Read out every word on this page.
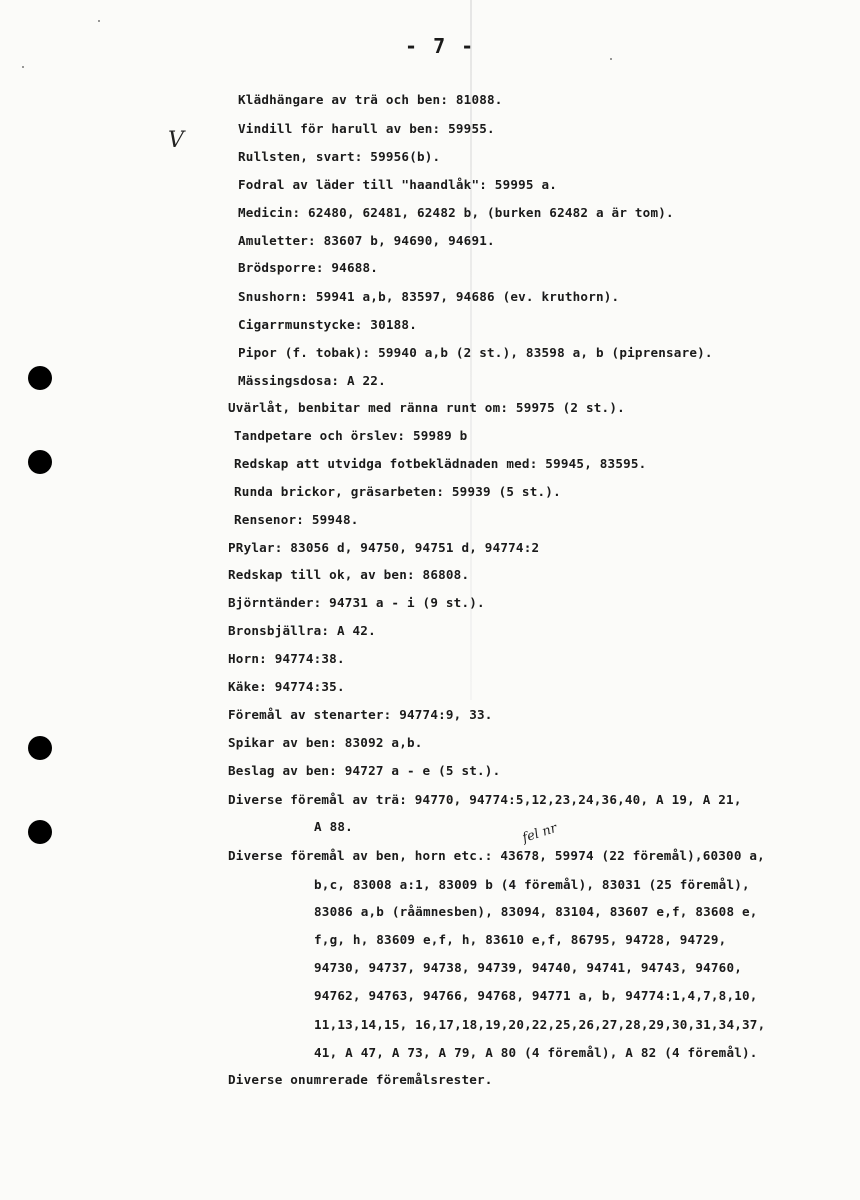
- 7 -
V
fel nr
Klädhängare av trä och ben: 81088.
Vindill för harull av ben: 59955.
Rullsten, svart: 59956(b).
Fodral av läder till "haandlåk": 59995 a.
Medicin: 62480, 62481, 62482 b, (burken 62482 a är tom).
Amuletter: 83607 b, 94690, 94691.
Brödsporre: 94688.
Snushorn: 59941 a,b, 83597, 94686 (ev. kruthorn).
Cigarrmunstycke: 30188.
Pipor (f. tobak): 59940 a,b (2 st.), 83598 a, b (piprensare).
Mässingsdosa: A 22.
Uvärlåt, benbitar med ränna runt om: 59975 (2 st.).
Tandpetare och örslev: 59989 b
Redskap att utvidga fotbeklädnaden med: 59945, 83595.
Runda brickor, gräsarbeten: 59939 (5 st.).
Rensenor: 59948.
PRylar: 83056 d, 94750, 94751 d, 94774:2
Redskap till ok, av ben: 86808.
Björntänder: 94731 a - i (9 st.).
Bronsbjällra: A 42.
Horn: 94774:38.
Käke: 94774:35.
Föremål av stenarter: 94774:9, 33.
Spikar av ben: 83092 a,b.
Beslag av ben: 94727 a - e (5 st.).
Diverse föremål av trä: 94770, 94774:5,12,23,24,36,40, A 19, A 21,
A 88.
Diverse föremål av ben, horn etc.: 43678, 59974 (22 föremål),60300 a,
b,c, 83008 a:1, 83009 b (4 föremål), 83031 (25 föremål),
83086 a,b (råämnesben), 83094, 83104, 83607 e,f, 83608 e,
f,g, h, 83609 e,f, h, 83610 e,f, 86795, 94728, 94729,
94730, 94737, 94738, 94739, 94740, 94741, 94743, 94760,
94762, 94763, 94766, 94768, 94771 a, b, 94774:1,4,7,8,10,
11,13,14,15, 16,17,18,19,20,22,25,26,27,28,29,30,31,34,37,
41, A 47, A 73, A 79, A 80 (4 föremål), A 82 (4 föremål).
Diverse onumrerade föremålsrester.
